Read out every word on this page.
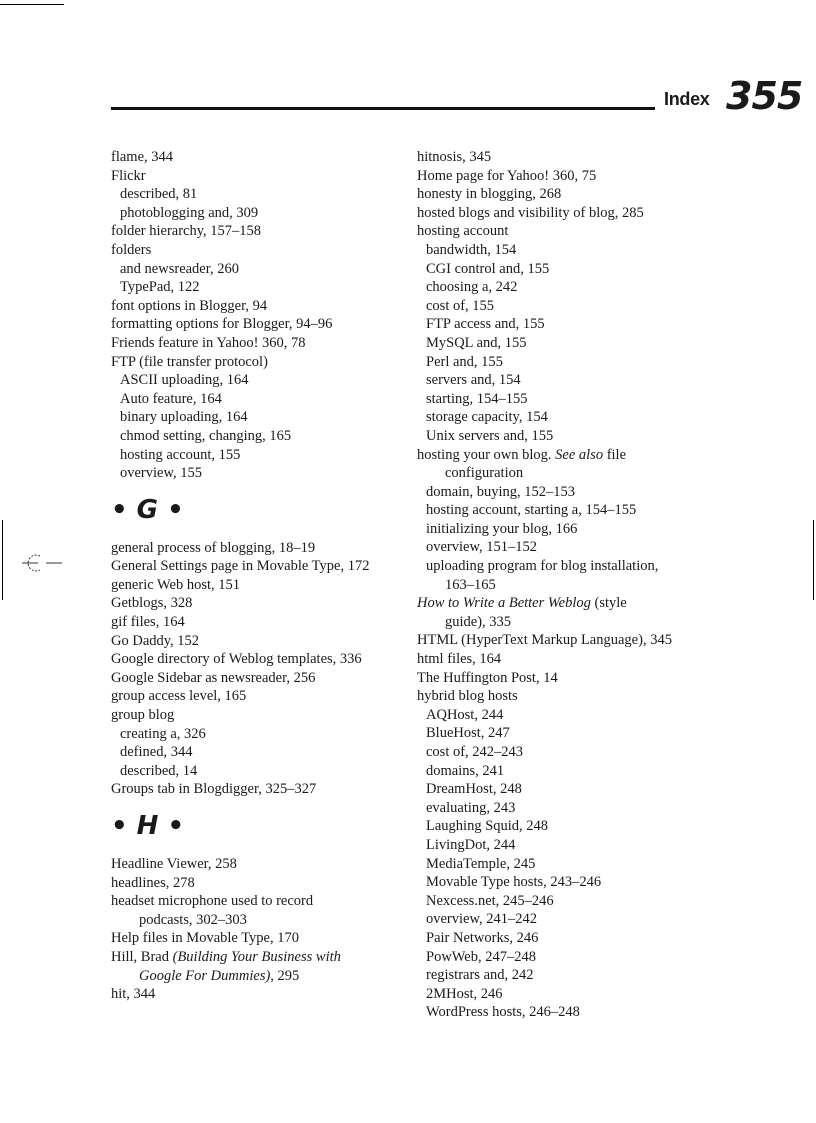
Index 355
flame, 344
Flickr
described, 81
photoblogging and, 309
folder hierarchy, 157–158
folders
and newsreader, 260
TypePad, 122
font options in Blogger, 94
formatting options for Blogger, 94–96
Friends feature in Yahoo! 360, 78
FTP (file transfer protocol)
ASCII uploading, 164
Auto feature, 164
binary uploading, 164
chmod setting, changing, 165
hosting account, 155
overview, 155
• G •
general process of blogging, 18–19
General Settings page in Movable Type, 172
generic Web host, 151
Getblogs, 328
gif files, 164
Go Daddy, 152
Google directory of Weblog templates, 336
Google Sidebar as newsreader, 256
group access level, 165
group blog
creating a, 326
defined, 344
described, 14
Groups tab in Blogdigger, 325–327
• H •
Headline Viewer, 258
headlines, 278
headset microphone used to record
podcasts, 302–303
Help files in Movable Type, 170
Hill, Brad (Building Your Business with
Google For Dummies), 295
hit, 344
hitnosis, 345
Home page for Yahoo! 360, 75
honesty in blogging, 268
hosted blogs and visibility of blog, 285
hosting account
bandwidth, 154
CGI control and, 155
choosing a, 242
cost of, 155
FTP access and, 155
MySQL and, 155
Perl and, 155
servers and, 154
starting, 154–155
storage capacity, 154
Unix servers and, 155
hosting your own blog. See also file
configuration
domain, buying, 152–153
hosting account, starting a, 154–155
initializing your blog, 166
overview, 151–152
uploading program for blog installation,
163–165
How to Write a Better Weblog (style
guide), 335
HTML (HyperText Markup Language), 345
html files, 164
The Huffington Post, 14
hybrid blog hosts
AQHost, 244
BlueHost, 247
cost of, 242–243
domains, 241
DreamHost, 248
evaluating, 243
Laughing Squid, 248
LivingDot, 244
MediaTemple, 245
Movable Type hosts, 243–246
Nexcess.net, 245–246
overview, 241–242
Pair Networks, 246
PowWeb, 247–248
registrars and, 242
2MHost, 246
WordPress hosts, 246–248
